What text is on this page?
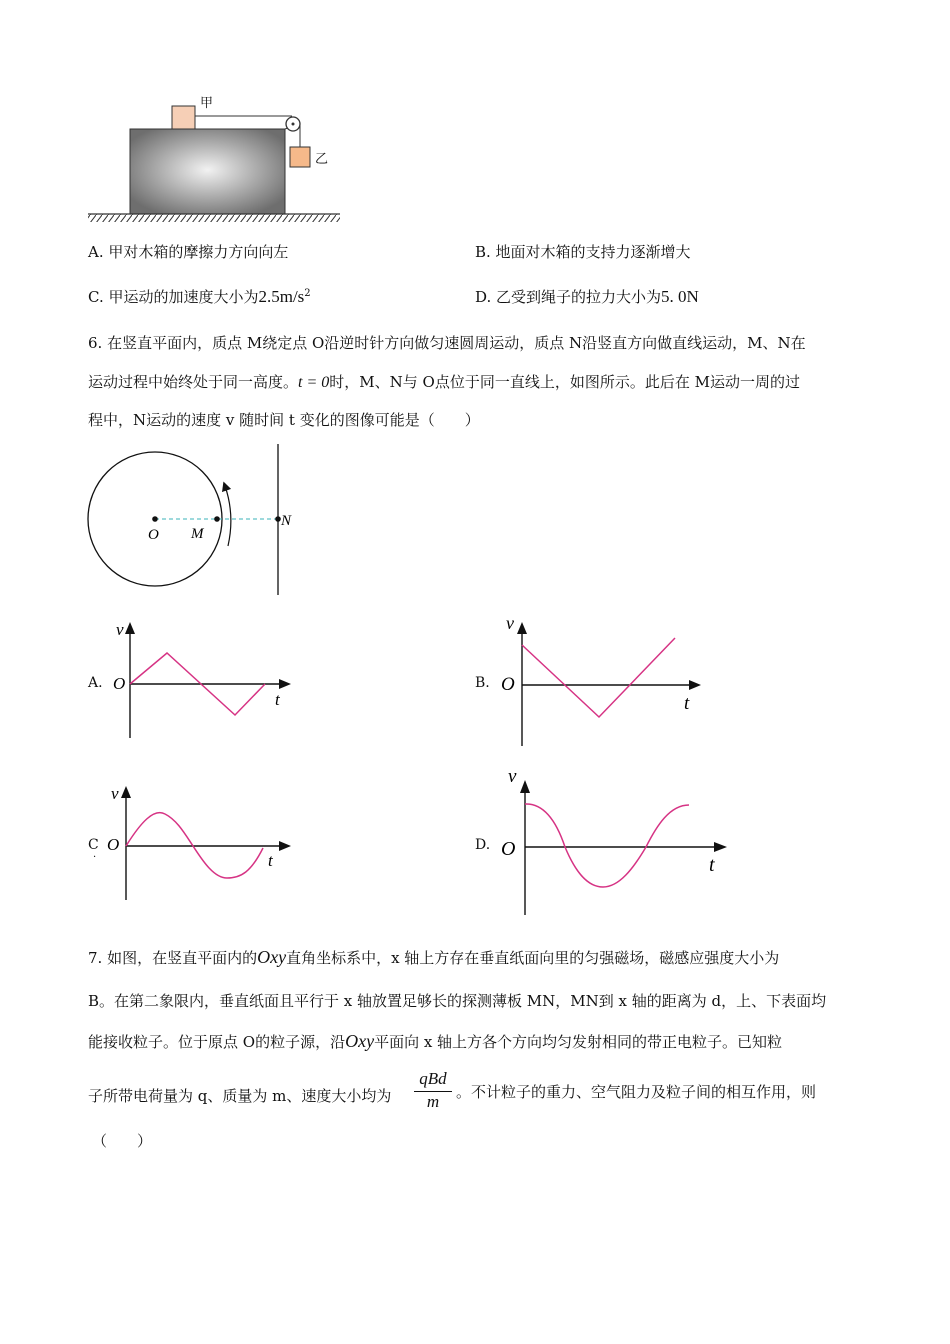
甲
乙
A. 甲对木箱的摩擦力方向向左	B. 地面对木箱的支持力逐渐增大
C. 甲运动的加速度大小为$2.5m/s^2$	D. 乙受到绳子的拉力大小为5. 0N
6. 在竖直平面内，质点 M绕定点 O沿逆时针方向做匀速圆周运动，质点 N沿竖直方向做直线运动，M、N在
运动过程中始终处于同一高度。t = 0时，M、N与 O点位于同一直线上，如图所示。此后在 M运动一周的过
程中，N运动的速度 v 随时间 t 变化的图像可能是（　　）
O M
N
A.
v
O
t
B.
v
O
t
C
·
v
O
t
D.
v
O
t
7. 如图，在竖直平面内的Oxy直角坐标系中，x 轴上方存在垂直纸面向里的匀强磁场，磁感应强度大小为
B。在第二象限内，垂直纸面且平行于 x 轴放置足够长的探测薄板 MN，MN到 x 轴的距离为 d，上、下表面均
能接收粒子。位于原点 O的粒子源，沿Oxy平面向 x 轴上方各个方向均匀发射相同的带正电粒子。已知粒
子所带电荷量为 q、质量为 m、速度大小均为
qBd
m	。不计粒子的重力、空气阻力及粒子间的相互作用，则
（　　）
